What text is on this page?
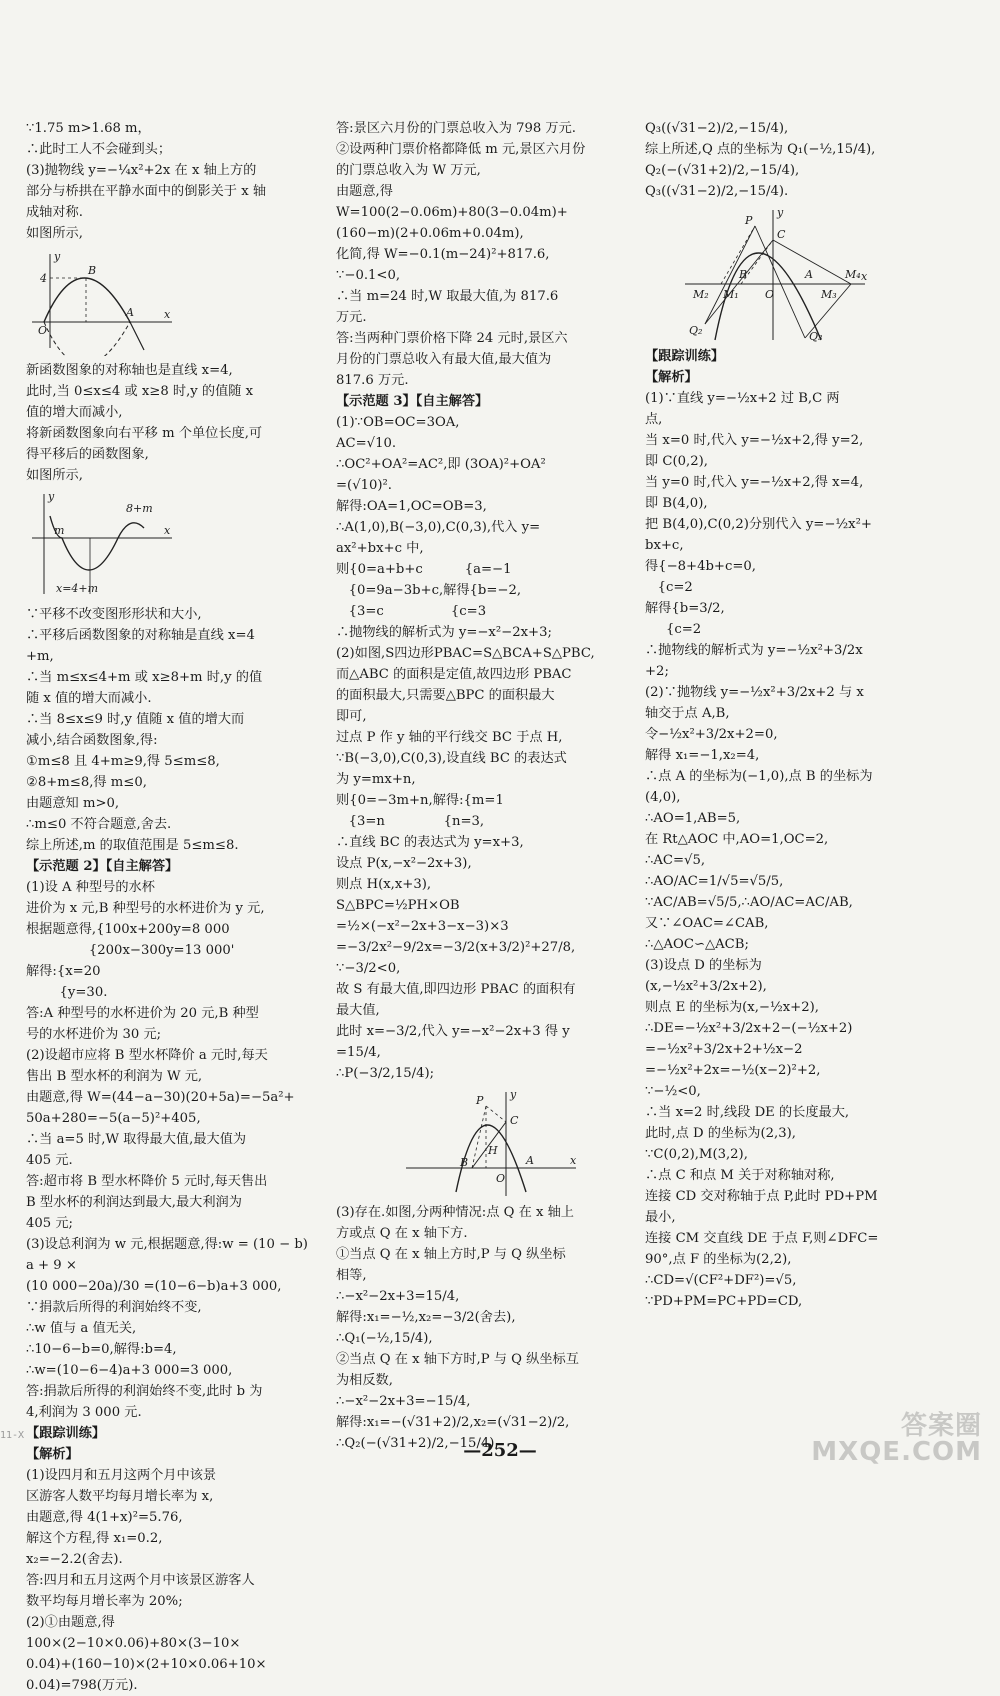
∵1.75 m>1.68 m，
∴此时工人不会碰到头；
(3)抛物线 y=−¼x²+2x 在 x 轴上方的
部分与桥拱在平静水面中的倒影关于 x 轴
成轴对称.
如图所示,
y
x
O
4
B
A
新函数图象的对称轴也是直线 x=4,
此时,当 0≤x≤4 或 x≥8 时,y 的值随 x
值的增大而减小,
将新函数图象向右平移 m 个单位长度,可
得平移后的函数图象,
如图所示,
y
x
m
8+m
x=4+m
∵平移不改变图形形状和大小,
∴平移后函数图象的对称轴是直线 x=4
+m,
∴当 m≤x≤4+m 或 x≥8+m 时,y 的值
随 x 值的增大而减小.
∴当 8≤x≤9 时,y 值随 x 值的增大而
减小,结合函数图象,得:
①m≤8 且 4+m≥9,得 5≤m≤8,
②8+m≤8,得 m≤0,
由题意知 m>0,
∴m≤0 不符合题意,舍去.
综上所述,m 的取值范围是 5≤m≤8.
【示范题 2】【自主解答】
(1)设 A 种型号的水杯
进价为 x 元,B 种型号的水杯进价为 y 元,
根据题意得,{100x+200y=8 000
{200x−300y=13 000'
解得:{x=20
{y=30.
答:A 种型号的水杯进价为 20 元,B 种型
号的水杯进价为 30 元;
(2)设超市应将 B 型水杯降价 a 元时,每天
售出 B 型水杯的利润为 W 元,
由题意,得 W=(44−a−30)(20+5a)=−5a²+
50a+280=−5(a−5)²+405,
∴当 a=5 时,W 取得最大值,最大值为
405 元.
答:超市将 B 型水杯降价 5 元时,每天售出
B 型水杯的利润达到最大,最大利润为
405 元;
(3)设总利润为 w 元,根据题意,得:w = (10 − b) a + 9 ×
(10 000−20a)/30 =(10−6−b)a+3 000,
∵捐款后所得的利润始终不变,
∴w 值与 a 值无关,
∴10−6−b=0,解得:b=4,
∴w=(10−6−4)a+3 000=3 000,
答:捐款后所得的利润始终不变,此时 b 为
4,利润为 3 000 元.
【跟踪训练】
【解析】
(1)设四月和五月这两个月中该景
区游客人数平均每月增长率为 x,
由题意,得 4(1+x)²=5.76,
解这个方程,得 x₁=0.2,
x₂=−2.2(舍去).
答:四月和五月这两个月中该景区游客人
数平均每月增长率为 20%;
(2)①由题意,得
100×(2−10×0.06)+80×(3−10×
0.04)+(160−10)×(2+10×0.06+10×
0.04)=798(万元).
答:景区六月份的门票总收入为 798 万元.
②设两种门票价格都降低 m 元,景区六月份
的门票总收入为 W 万元,
由题意,得
W=100(2−0.06m)+80(3−0.04m)+
(160−m)(2+0.06m+0.04m),
化简,得 W=−0.1(m−24)²+817.6,
∵−0.1<0,
∴当 m=24 时,W 取最大值,为 817.6
万元.
答:当两种门票价格下降 24 元时,景区六
月份的门票总收入有最大值,最大值为
817.6 万元.
【示范题 3】【自主解答】
(1)∵OB=OC=3OA,
AC=√10.
∴OC²+OA²=AC²,即 (3OA)²+OA²
=(√10)².
解得:OA=1,OC=OB=3,
∴A(1,0),B(−3,0),C(0,3),代入 y=
ax²+bx+c 中,
则{0=a+b+c          {a=−1
{0=9a−3b+c,解得{b=−2,
{3=c                {c=3
∴抛物线的解析式为 y=−x²−2x+3;
(2)如图,S四边形PBAC=S△BCA+S△PBC,
而△ABC 的面积是定值,故四边形 PBAC
的面积最大,只需要△BPC 的面积最大
即可,
过点 P 作 y 轴的平行线交 BC 于点 H,
∵B(−3,0),C(0,3),设直线 BC 的表达式
为 y=mx+n,
则{0=−3m+n,解得:{m=1
{3=n              {n=3,
∴直线 BC 的表达式为 y=x+3,
设点 P(x,−x²−2x+3),
则点 H(x,x+3),
S△BPC=½PH×OB
=½×(−x²−2x+3−x−3)×3
=−3/2x²−9/2x=−3/2(x+3/2)²+27/8,
∵−3/2<0,
故 S 有最大值,即四边形 PBAC 的面积有
最大值,
此时 x=−3/2,代入 y=−x²−2x+3 得 y
=15/4,
∴P(−3/2,15/4);
y
x
O
P
C
H
B	A
(3)存在.如图,分两种情况:点 Q 在 x 轴上
方或点 Q 在 x 轴下方.
①当点 Q 在 x 轴上方时,P 与 Q 纵坐标
相等,
∴−x²−2x+3=15/4,
解得:x₁=−½,x₂=−3/2(舍去),
∴Q₁(−½,15/4),
②当点 Q 在 x 轴下方时,P 与 Q 纵坐标互
为相反数,
∴−x²−2x+3=−15/4,
解得:x₁=−(√31+2)/2,x₂=(√31−2)/2,
∴Q₂(−(√31+2)/2,−15/4),
Q₃((√31−2)/2,−15/4),
综上所述,Q 点的坐标为 Q₁(−½,15/4),
Q₂(−(√31+2)/2,−15/4),
Q₃((√31−2)/2,−15/4).
y
x
O
P
C
B	A
M₁
M₂	M₃
M₄
Q₂	Q₃
【跟踪训练】
【解析】
(1)∵直线 y=−½x+2 过 B,C 两
点,
当 x=0 时,代入 y=−½x+2,得 y=2,
即 C(0,2),
当 y=0 时,代入 y=−½x+2,得 x=4,
即 B(4,0),
把 B(4,0),C(0,2)分别代入 y=−½x²+
bx+c,
得{−8+4b+c=0,
{c=2
解得{b=3/2,
{c=2
∴抛物线的解析式为 y=−½x²+3/2x
+2;
(2)∵抛物线 y=−½x²+3/2x+2 与 x
轴交于点 A,B,
令−½x²+3/2x+2=0,
解得 x₁=−1,x₂=4,
∴点 A 的坐标为(−1,0),点 B 的坐标为
(4,0),
∴AO=1,AB=5,
在 Rt△AOC 中,AO=1,OC=2,
∴AC=√5,
∴AO/AC=1/√5=√5/5,
∵AC/AB=√5/5,∴AO/AC=AC/AB,
又∵∠OAC=∠CAB,
∴△AOC∽△ACB;
(3)设点 D 的坐标为
(x,−½x²+3/2x+2),
则点 E 的坐标为(x,−½x+2),
∴DE=−½x²+3/2x+2−(−½x+2)
=−½x²+3/2x+2+½x−2
=−½x²+2x=−½(x−2)²+2,
∵−½<0,
∴当 x=2 时,线段 DE 的长度最大,
此时,点 D 的坐标为(2,3),
∵C(0,2),M(3,2),
∴点 C 和点 M 关于对称轴对称,
连接 CD 交对称轴于点 P,此时 PD+PM
最小,
连接 CM 交直线 DE 于点 F,则∠DFC=
90°,点 F 的坐标为(2,2),
∴CD=√(CF²+DF²)=√5,
∵PD+PM=PC+PD=CD,
—252—
11-X	答案圈
MXQE.COM
